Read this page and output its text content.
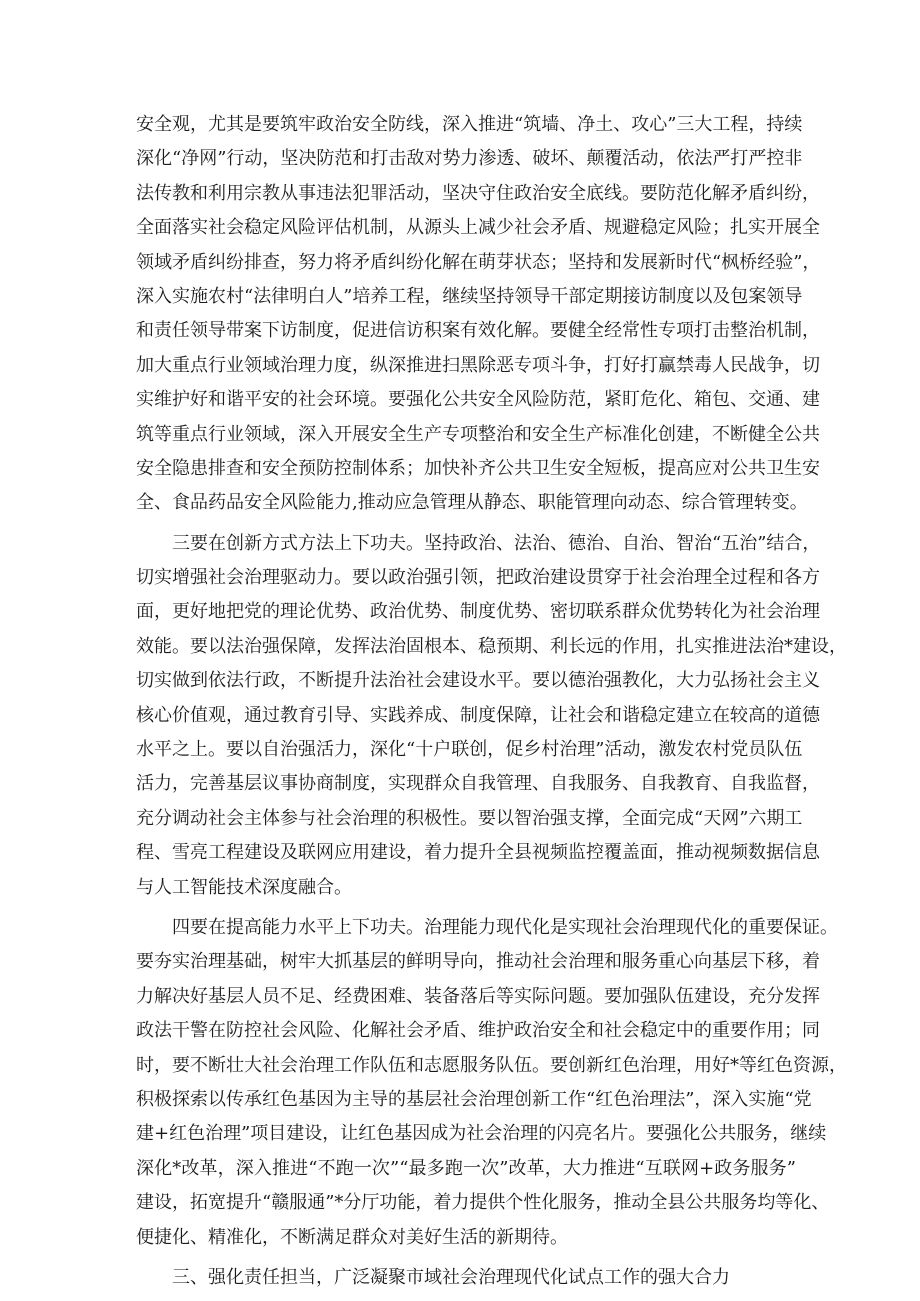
安全观，尤其是要筑牢政治安全防线，深入推进“筑墙、净土、攻心”三大工程，持续
深化“净网”行动，坚决防范和打击敌对势力渗透、破坏、颠覆活动，依法严打严控非
法传教和利用宗教从事违法犯罪活动，坚决守住政治安全底线。要防范化解矛盾纠纷，
全面落实社会稳定风险评估机制，从源头上减少社会矛盾、规避稳定风险；扎实开展全
领域矛盾纠纷排查，努力将矛盾纠纷化解在萌芽状态；坚持和发展新时代“枫桥经验”，
深入实施农村“法律明白人”培养工程，继续坚持领导干部定期接访制度以及包案领导
和责任领导带案下访制度，促进信访积案有效化解。要健全经常性专项打击整治机制，
加大重点行业领域治理力度，纵深推进扫黑除恶专项斗争，打好打赢禁毒人民战争，切
实维护好和谐平安的社会环境。要强化公共安全风险防范，紧盯危化、箱包、交通、建
筑等重点行业领域，深入开展安全生产专项整治和安全生产标准化创建，不断健全公共
安全隐患排查和安全预防控制体系；加快补齐公共卫生安全短板，提高应对公共卫生安
全、食品药品安全风险能力,推动应急管理从静态、职能管理向动态、综合管理转变。
三要在创新方式方法上下功夫。坚持政治、法治、德治、自治、智治“五治”结合，
切实增强社会治理驱动力。要以政治强引领，把政治建设贯穿于社会治理全过程和各方
面，更好地把党的理论优势、政治优势、制度优势、密切联系群众优势转化为社会治理
效能。要以法治强保障，发挥法治固根本、稳预期、利长远的作用，扎实推进法治*建设，
切实做到依法行政，不断提升法治社会建设水平。要以德治强教化，大力弘扬社会主义
核心价值观，通过教育引导、实践养成、制度保障，让社会和谐稳定建立在较高的道德
水平之上。要以自治强活力，深化“十户联创，促乡村治理”活动，激发农村党员队伍
活力，完善基层议事协商制度，实现群众自我管理、自我服务、自我教育、自我监督，
充分调动社会主体参与社会治理的积极性。要以智治强支撑，全面完成“天网”六期工
程、雪亮工程建设及联网应用建设，着力提升全县视频监控覆盖面，推动视频数据信息
与人工智能技术深度融合。
四要在提高能力水平上下功夫。治理能力现代化是实现社会治理现代化的重要保证。
要夯实治理基础，树牢大抓基层的鲜明导向，推动社会治理和服务重心向基层下移，着
力解决好基层人员不足、经费困难、装备落后等实际问题。要加强队伍建设，充分发挥
政法干警在防控社会风险、化解社会矛盾、维护政治安全和社会稳定中的重要作用；同
时，要不断壮大社会治理工作队伍和志愿服务队伍。要创新红色治理，用好*等红色资源，
积极探索以传承红色基因为主导的基层社会治理创新工作“红色治理法”，深入实施“党
建+红色治理”项目建设，让红色基因成为社会治理的闪亮名片。要强化公共服务，继续
深化*改革，深入推进“不跑一次”“最多跑一次”改革，大力推进“互联网+政务服务”
建设，拓宽提升“赣服通”*分厅功能，着力提供个性化服务，推动全县公共服务均等化、
便捷化、精准化，不断满足群众对美好生活的新期待。
三、强化责任担当，广泛凝聚市域社会治理现代化试点工作的强大合力
